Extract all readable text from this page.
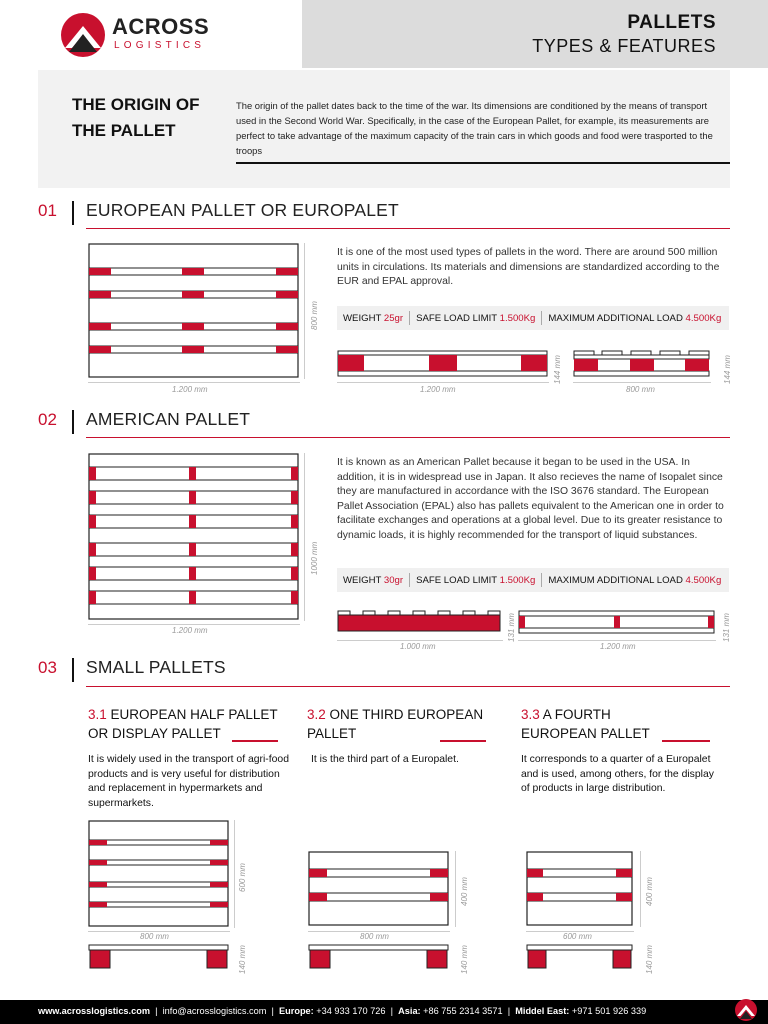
ACROSS
LOGISTICS
PALLETS
TYPES & FEATURES
THE ORIGIN OF THE PALLET
The origin of the pallet dates back to the time of the war. Its dimensions are conditioned by the means of transport used in the Second World War. Specifically, in the case of the European Pallet, for example, its measurements are perfect to take advantage of the maximum capacity of the train cars in which goods and food were trasported to the troops
01 EUROPEAN PALLET OR EUROPALET
1.200 mm
800 mm
It is one of the most used types of pallets in the word. There are around 500 million units in circulations. Its materials and dimensions are standardized according to the EUR and EPAL approval.
WEIGHT 25gr	SAFE LOAD LIMIT 1.500Kg	MAXIMUM ADDITIONAL LOAD 4.500Kg
1.200 mm
144 mm
800 mm
144 mm
02 AMERICAN PALLET
1.200 mm
1000 mm
It is known as an American Pallet because it began to be used in the USA. In addition, it is in widespread use in Japan. It also recieves the name of Isopalet since they are manufactured in accordance with the ISO 3676 standard. The European Pallet Association (EPAL) also has pallets equivalent to the American one in order to facilitate exchanges and operations at a global level. Due to its greater resistance to dynamic loads, it is highly recommended for the transport of liquid substances.
WEIGHT 30gr	SAFE LOAD LIMIT 1.500Kg	MAXIMUM ADDITIONAL LOAD 4.500Kg
1.000 mm
131 mm
1.200 mm
131 mm
03 SMALL PALLETS
3.1 EUROPEAN HALF PALLET
OR DISPLAY PALLET
It is widely used in the transport of agri-food products and is very useful for distribution and replacement in hypermarkets and supermarkets.
800 mm
600 mm
140 mm
3.2 ONE THIRD EUROPEAN
PALLET
It is the third part of a Europalet.
800 mm
400 mm
140 mm
3.3 A FOURTH
EUROPEAN PALLET
It corresponds to a quarter of a Europalet and is used, among others, for the display of products in large distribution.
600 mm
400 mm
140 mm
www.acrosslogistics.com  |  info@acrosslogistics.com  |  Europe: +34 933 170 726  |  Asia: +86 755 2314 3571  |  Middel East: +971 501 926 339
